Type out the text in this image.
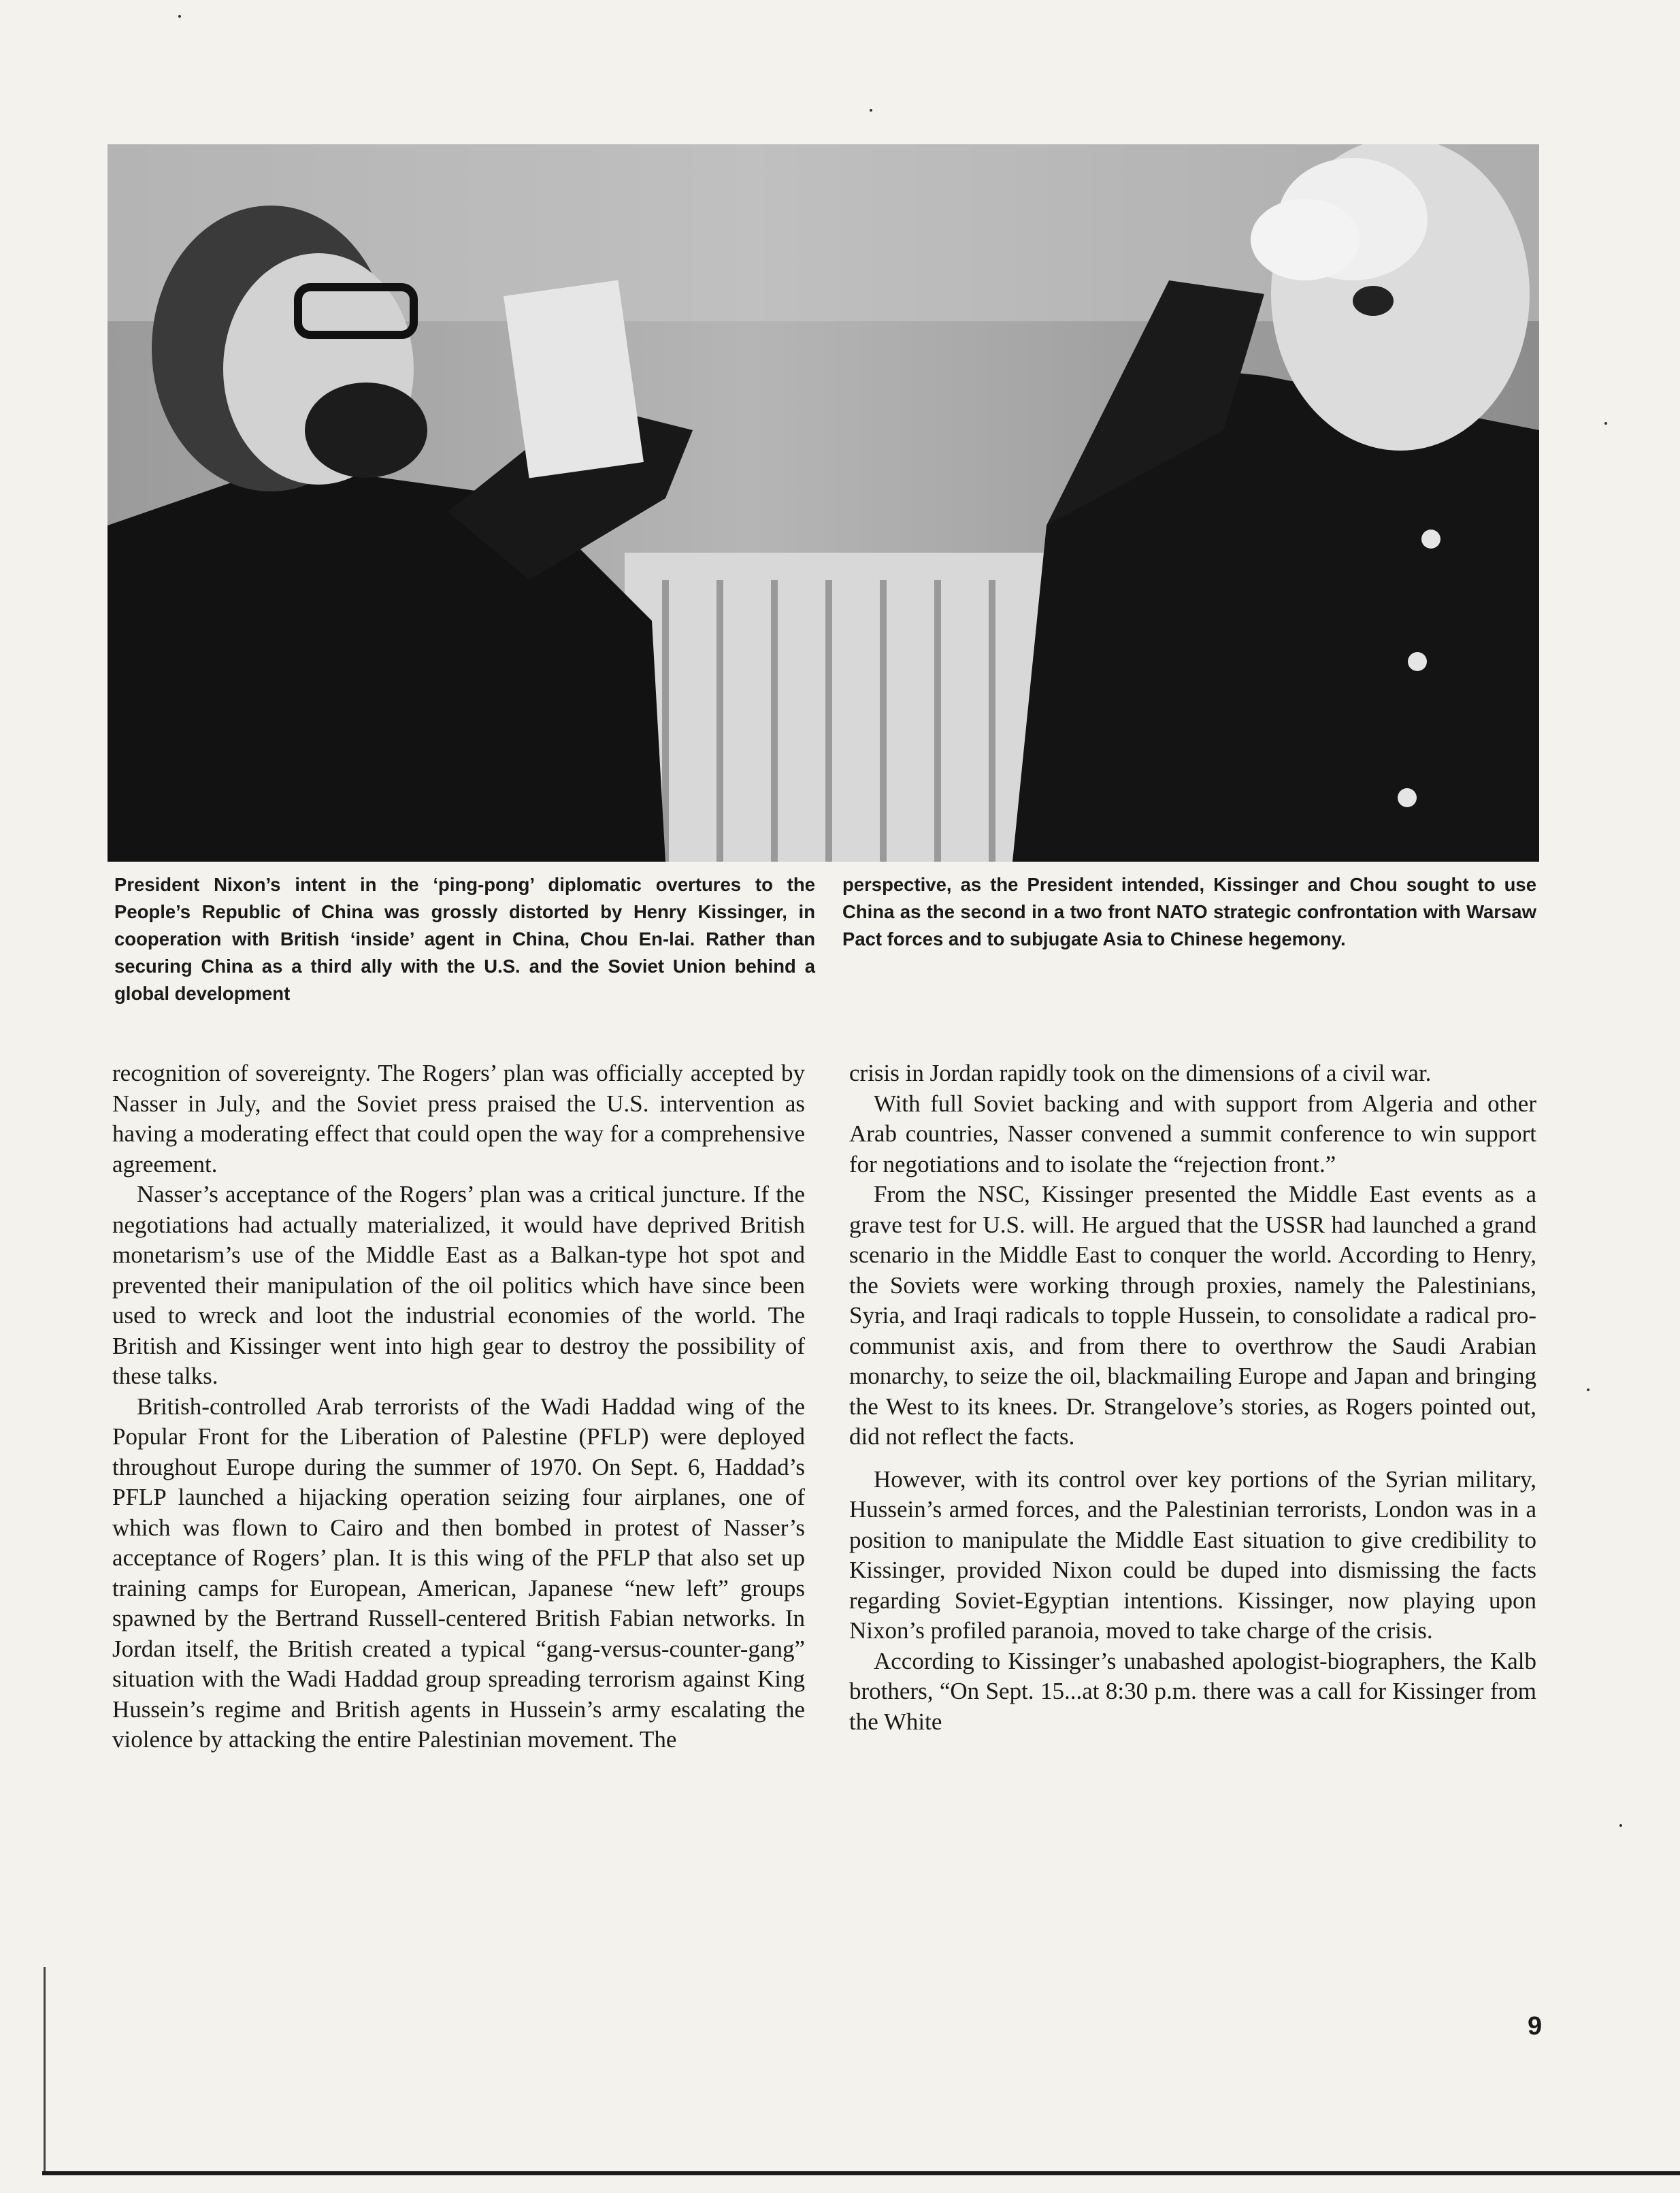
President Nixon’s intent in the ‘ping-pong’ diplomatic overtures to the People’s Republic of China was grossly distorted by Henry Kissinger, in cooperation with British ‘inside’ agent in China, Chou En-lai. Rather than securing China as a third ally with the U.S. and the Soviet Union behind a global development

perspective, as the President intended, Kissinger and Chou sought to use China as the second in a two front NATO strategic confrontation with Warsaw Pact forces and to subjugate Asia to Chinese hegemony.

recognition of sovereignty. The Rogers’ plan was officially accepted by Nasser in July, and the Soviet press praised the U.S. intervention as having a moderating effect that could open the way for a comprehensive agreement.

Nasser’s acceptance of the Rogers’ plan was a critical juncture. If the negotiations had actually materialized, it would have deprived British monetarism’s use of the Middle East as a Balkan-type hot spot and prevented their manipulation of the oil politics which have since been used to wreck and loot the industrial economies of the world. The British and Kissinger went into high gear to destroy the possibility of these talks.

British-controlled Arab terrorists of the Wadi Haddad wing of the Popular Front for the Liberation of Palestine (PFLP) were deployed throughout Europe during the summer of 1970. On Sept. 6, Haddad’s PFLP launched a hijacking operation seizing four airplanes, one of which was flown to Cairo and then bombed in protest of Nasser’s acceptance of Rogers’ plan. It is this wing of the PFLP that also set up training camps for European, American, Japanese “new left” groups spawned by the Bertrand Russell-centered British Fabian networks. In Jordan itself, the British created a typical “gang-versus-counter-gang” situation with the Wadi Haddad group spreading terrorism against King Hussein’s regime and British agents in Hussein’s army escalating the violence by attacking the entire Palestinian movement. The

crisis in Jordan rapidly took on the dimensions of a civil war.

With full Soviet backing and with support from Algeria and other Arab countries, Nasser convened a summit conference to win support for negotiations and to isolate the “rejection front.”

From the NSC, Kissinger presented the Middle East events as a grave test for U.S. will. He argued that the USSR had launched a grand scenario in the Middle East to conquer the world. According to Henry, the Soviets were working through proxies, namely the Palestinians, Syria, and Iraqi radicals to topple Hussein, to consolidate a radical pro-communist axis, and from there to overthrow the Saudi Arabian monarchy, to seize the oil, blackmailing Europe and Japan and bringing the West to its knees. Dr. Strangelove’s stories, as Rogers pointed out, did not reflect the facts.

However, with its control over key portions of the Syrian military, Hussein’s armed forces, and the Palestinian terrorists, London was in a position to manipulate the Middle East situation to give credibility to Kissinger, provided Nixon could be duped into dismissing the facts regarding Soviet-Egyptian intentions. Kissinger, now playing upon Nixon’s profiled paranoia, moved to take charge of the crisis.

According to Kissinger’s unabashed apologist-biographers, the Kalb brothers, “On Sept. 15...at 8:30 p.m. there was a call for Kissinger from the White

9
